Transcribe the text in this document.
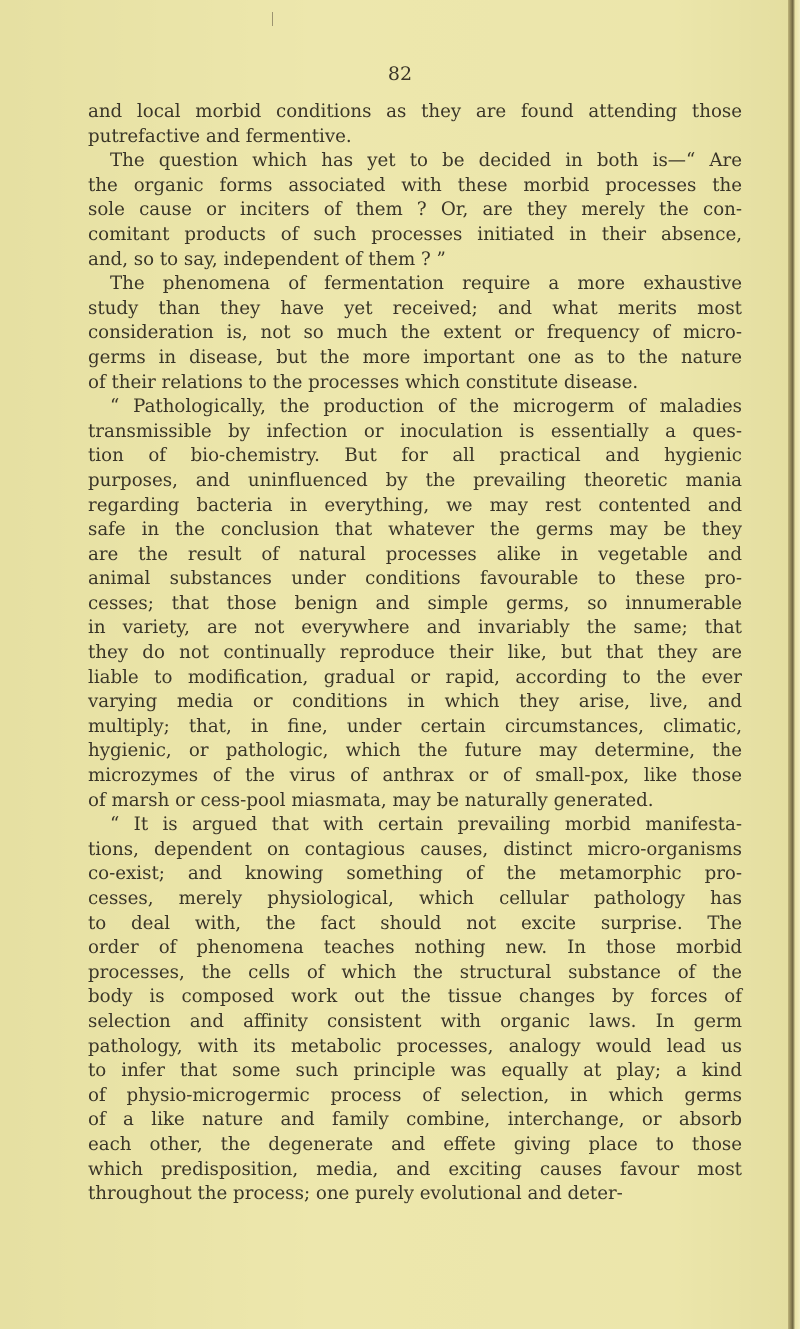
82
and local morbid conditions as they are found attending those
putrefactive and fermentive.
The question which has yet to be decided in both is—“ Are
the organic forms associated with these morbid processes the
sole cause or inciters of them ? Or, are they merely the con-
comitant products of such processes initiated in their absence,
and, so to say, independent of them ? ”
The phenomena of fermentation require a more exhaustive
study than they have yet received; and what merits most
consideration is, not so much the extent or frequency of micro-
germs in disease, but the more important one as to the nature
of their relations to the processes which constitute disease.
“ Pathologically, the production of the microgerm of maladies
transmissible by infection or inoculation is essentially a ques-
tion of bio-chemistry. But for all practical and hygienic
purposes, and uninfluenced by the prevailing theoretic mania
regarding bacteria in everything, we may rest contented and
safe in the conclusion that whatever the germs may be they
are the result of natural processes alike in vegetable and
animal substances under conditions favourable to these pro-
cesses; that those benign and simple germs, so innumerable
in variety, are not everywhere and invariably the same; that
they do not continually reproduce their like, but that they are
liable to modification, gradual or rapid, according to the ever
varying media or conditions in which they arise, live, and
multiply; that, in fine, under certain circumstances, climatic,
hygienic, or pathologic, which the future may determine, the
microzymes of the virus of anthrax or of small-pox, like those
of marsh or cess-pool miasmata, may be naturally generated.
“ It is argued that with certain prevailing morbid manifesta-
tions, dependent on contagious causes, distinct micro-organisms
co-exist; and knowing something of the metamorphic pro-
cesses, merely physiological, which cellular pathology has
to deal with, the fact should not excite surprise. The
order of phenomena teaches nothing new. In those morbid
processes, the cells of which the structural substance of the
body is composed work out the tissue changes by forces of
selection and affinity consistent with organic laws. In germ
pathology, with its metabolic processes, analogy would lead us
to infer that some such principle was equally at play; a kind
of physio-microgermic process of selection, in which germs
of a like nature and family combine, interchange, or absorb
each other, the degenerate and effete giving place to those
which predisposition, media, and exciting causes favour most
throughout the process; one purely evolutional and deter-
